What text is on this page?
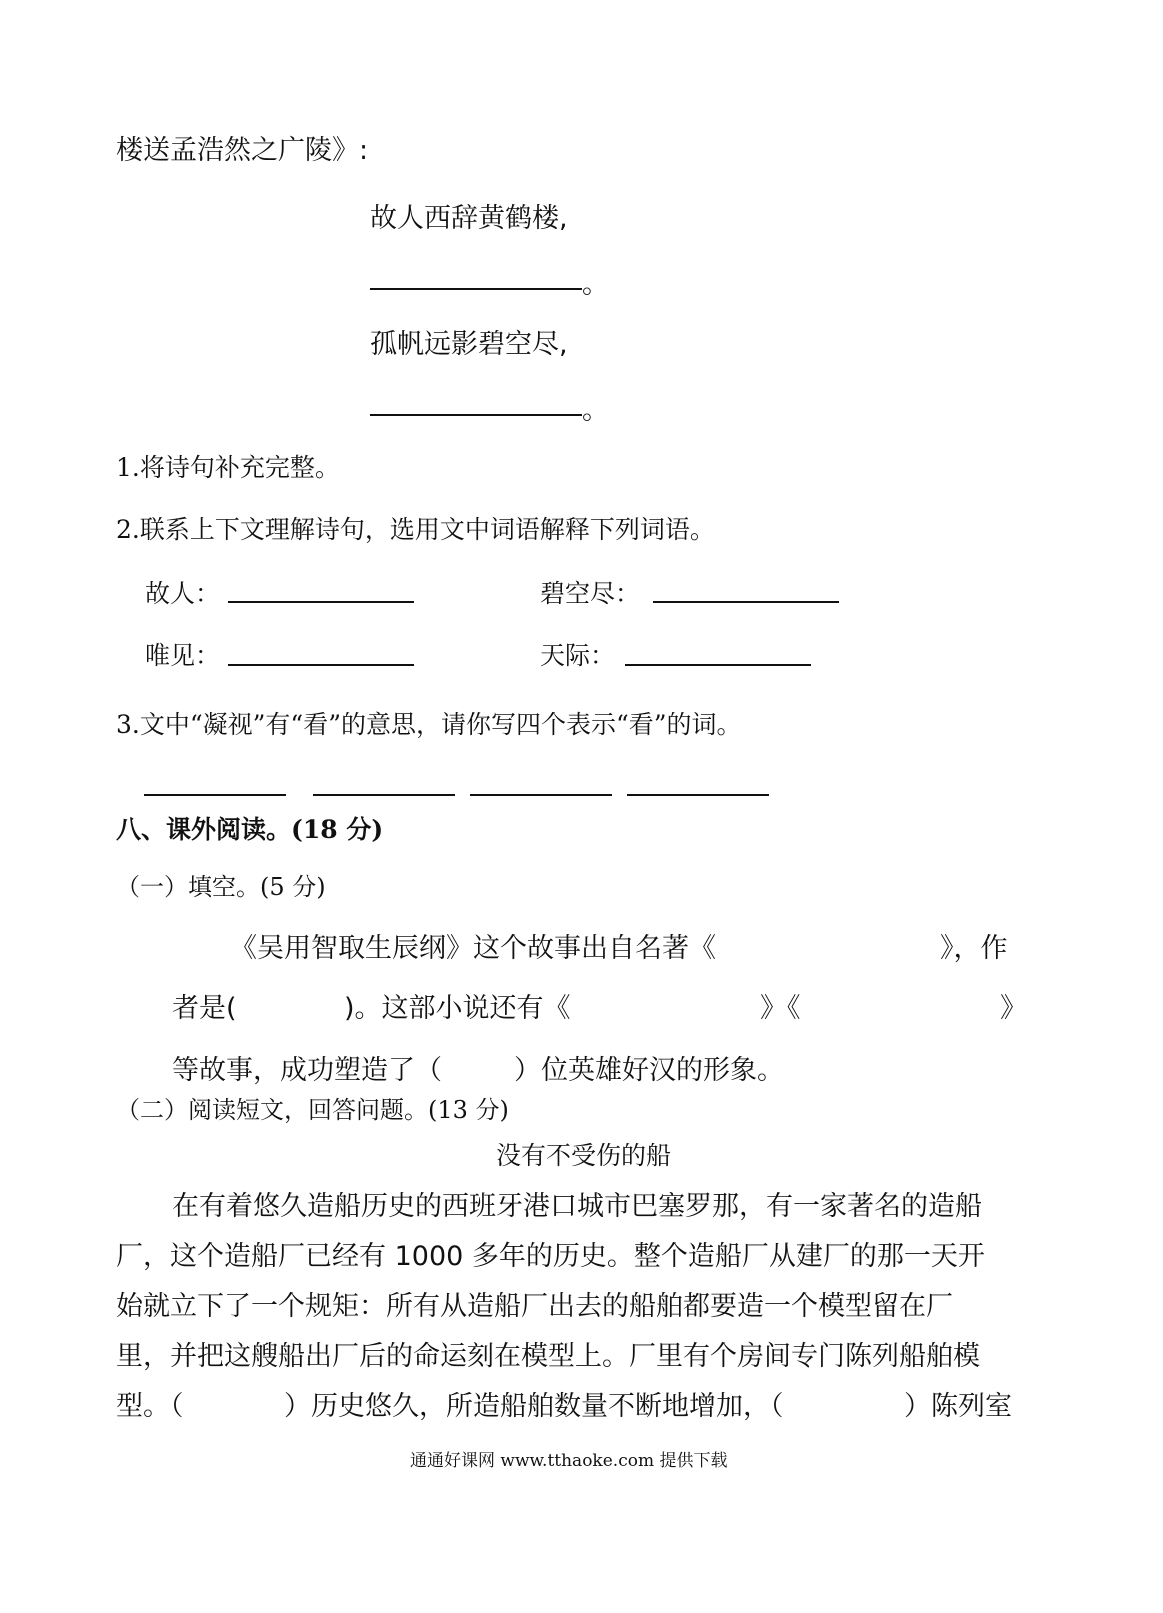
楼送孟浩然之广陵》:
故人西辞黄鹤楼,
。
孤帆远影碧空尽,
。
1.将诗句补充完整。
2.联系上下文理解诗句，选用文中词语解释下列词语。
故人：	碧空尽：
唯见：	天际：
3.文中“凝视”有“看”的意思，请你写四个表示“看”的词。
八、课外阅读。(18 分)
（一）填空。(5 分)
《吴用智取生辰纲》这个故事出自名著《	》，作
者是(	)。这部小说还有《	》《	》
等故事，成功塑造了（	）位英雄好汉的形象。
（二）阅读短文，回答问题。(13 分)
没有不受伤的船
在有着悠久造船历史的西班牙港口城市巴塞罗那，有一家著名的造船
厂，这个造船厂已经有 1000 多年的历史。整个造船厂从建厂的那一天开
始就立下了一个规矩：所有从造船厂出去的船舶都要造一个模型留在厂
里，并把这艘船出厂后的命运刻在模型上。厂里有个房间专门陈列船舶模
型。（	）历史悠久，所造船舶数量不断地增加，（	）陈列室
通通好课网 www.tthaoke.com 提供下载
